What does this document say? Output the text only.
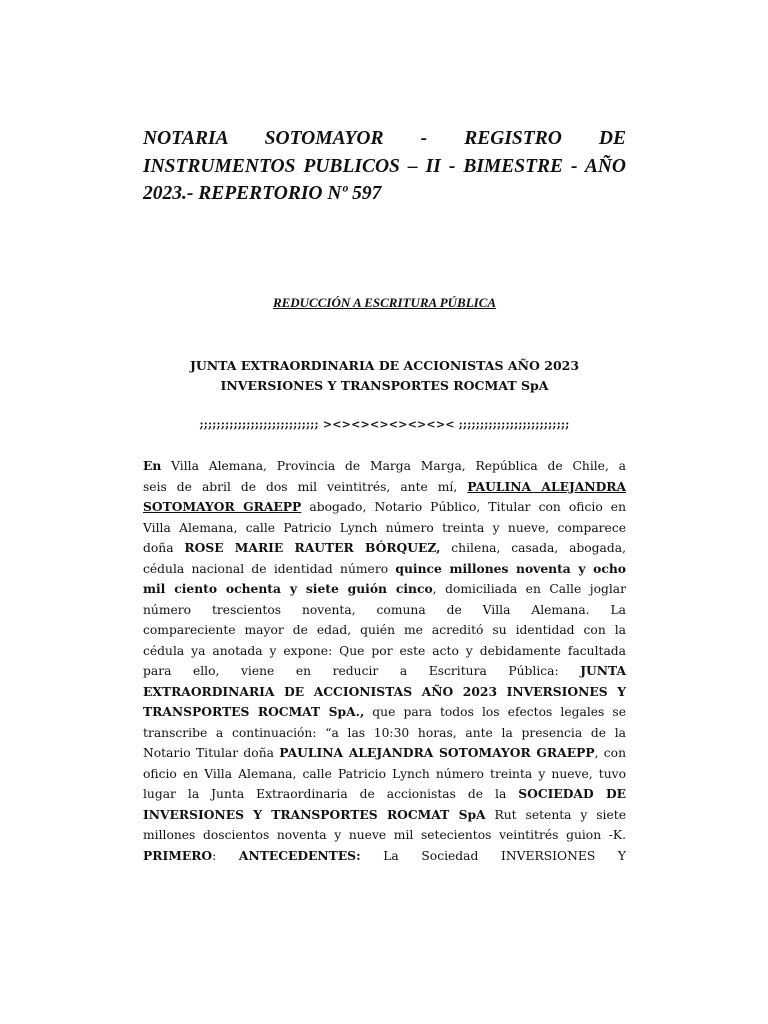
NOTARIA SOTOMAYOR - REGISTRO DE
INSTRUMENTOS PUBLICOS – II - BIMESTRE - AÑO
2023.- REPERTORIO Nº 597
REDUCCIÓN A ESCRITURA PÚBLICA
JUNTA EXTRAORDINARIA DE ACCIONISTAS AÑO 2023
INVERSIONES Y TRANSPORTES ROCMAT SpA
;;;;;;;;;;;;;;;;;;;;;;;;;;;; ><><><><><><>< ;;;;;;;;;;;;;;;;;;;;;;;;;;
En Villa Alemana, Provincia de Marga Marga, República de Chile, a
seis de abril de dos mil veintitrés, ante mí, PAULINA ALEJANDRA
SOTOMAYOR GRAEPP abogado, Notario Público, Titular con oficio en
Villa Alemana, calle Patricio Lynch número treinta y nueve, comparece
doña ROSE MARIE RAUTER BÓRQUEZ, chilena, casada, abogada,
cédula nacional de identidad número quince millones noventa y ocho
mil ciento ochenta y siete guión cinco, domiciliada en Calle joglar
número trescientos noventa, comuna de Villa Alemana. La
compareciente mayor de edad, quién me acreditó su identidad con la
cédula ya anotada y expone: Que por este acto y debidamente facultada
para ello, viene en reducir a Escritura Pública: JUNTA
EXTRAORDINARIA DE ACCIONISTAS AÑO 2023 INVERSIONES Y
TRANSPORTES ROCMAT SpA., que para todos los efectos legales se
transcribe a continuación: “a las 10:30 horas, ante la presencia de la
Notario Titular doña PAULINA ALEJANDRA SOTOMAYOR GRAEPP, con
oficio en Villa Alemana, calle Patricio Lynch número treinta y nueve, tuvo
lugar la Junta Extraordinaria de accionistas de la SOCIEDAD DE
INVERSIONES Y TRANSPORTES ROCMAT SpA Rut setenta y siete
millones doscientos noventa y nueve mil setecientos veintitrés guion -K.
PRIMERO: ANTECEDENTES: La Sociedad INVERSIONES Y
